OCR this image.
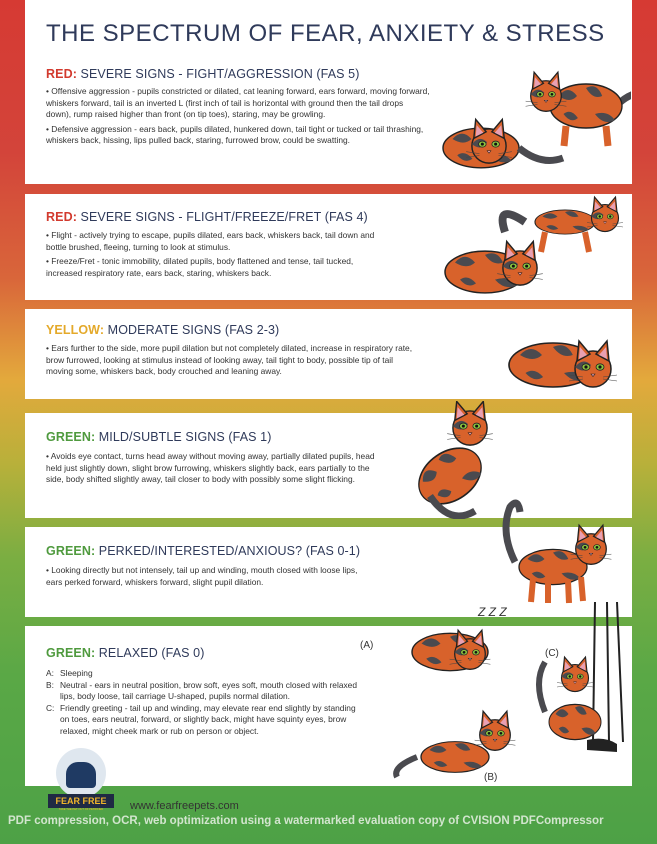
THE SPECTRUM OF FEAR, ANXIETY & STRESS
RED: SEVERE SIGNS - FIGHT/AGGRESSION (FAS 5)
• Offensive aggression - pupils constricted or dilated, cat leaning forward, ears forward, moving forward, whiskers forward, tail is an inverted L (first inch of tail is horizontal with ground then the tail drops down), rump raised higher than front (on tip toes), staring, may be growling.
• Defensive aggression - ears back, pupils dilated, hunkered down, tail tight or tucked or tail thrashing, whiskers back, hissing, lips pulled back, staring, furrowed brow, could be swatting.
RED: SEVERE SIGNS - FLIGHT/FREEZE/FRET (FAS 4)
• Flight - actively trying to escape, pupils dilated, ears back, whiskers back, tail down and bottle brushed, fleeing, turning to look at stimulus.
• Freeze/Fret - tonic immobility, dilated pupils, body flattened and tense, tail tucked, increased respiratory rate, ears back, staring, whiskers back.
YELLOW: MODERATE SIGNS (FAS 2-3)
• Ears further to the side, more pupil dilation but not completely dilated, increase in respiratory rate, brow furrowed, looking at stimulus instead of looking away, tail tight to body, possible tip of tail moving some, whiskers back, body crouched and leaning away.
GREEN: MILD/SUBTLE SIGNS (FAS 1)
• Avoids eye contact, turns head away without moving away, partially dilated pupils, head held just slightly down, slight brow furrowing, whiskers slightly back, ears partially to the side, body shifted slightly away, tail closer to body with possibly some slight flicking.
GREEN: PERKED/INTERESTED/ANXIOUS? (FAS 0-1)
• Looking directly but not intensely, tail up and winding, mouth closed with loose lips, ears perked forward, whiskers forward, slight pupil dilation.
GREEN: RELAXED (FAS 0)
A: Sleeping
B: Neutral - ears in neutral position, brow soft, eyes soft, mouth closed with relaxed lips, body loose, tail carriage U-shaped, pupils normal dilation.
C: Friendly greeting - tail up and winding, may elevate rear end slightly by standing on toes, ears neutral, forward, or slightly back, might have squinty eyes, brow relaxed, might cheek mark or rub on person or object.
Z Z Z
(A)
(C)
(B)
FEAR FREE
TAKE THE PET OUT OF PETRIFIED	www.fearfreepets.com
PDF compression, OCR, web optimization using a watermarked evaluation copy of CVISION PDFCompressor
